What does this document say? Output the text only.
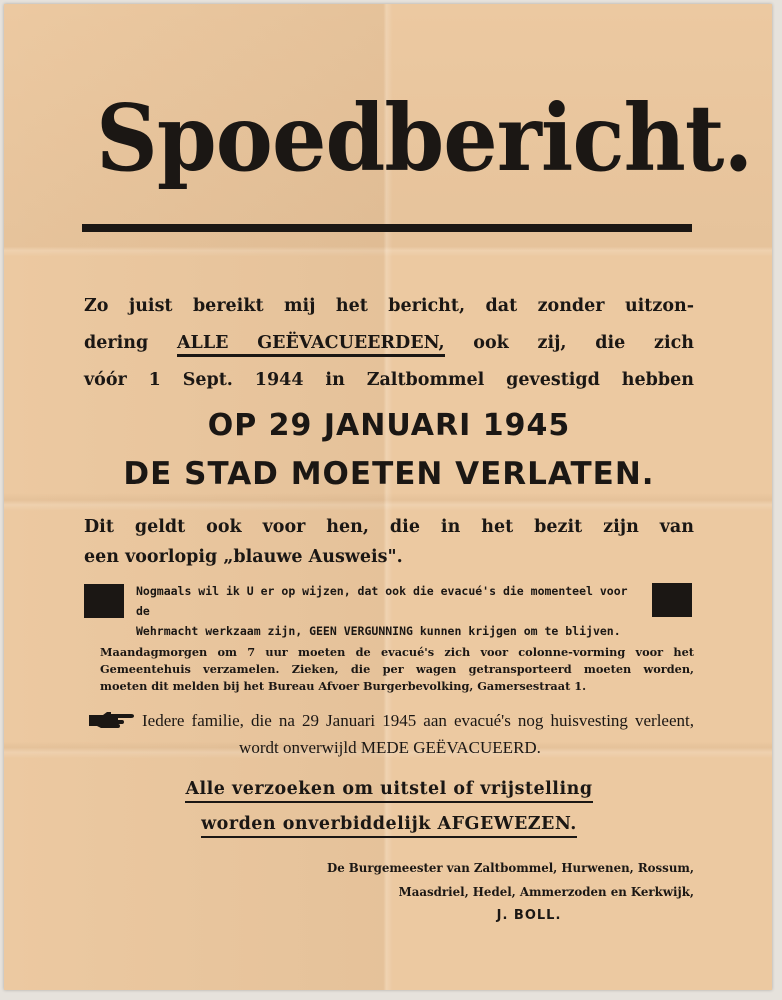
Spoedbericht.
Zo juist bereikt mij het bericht, dat zonder uitzon-
dering ALLE GEËVACUEERDEN, ook zij, die zich
vóór 1 Sept. 1944 in Zaltbommel gevestigd hebben
OP 29 JANUARI 1945
DE STAD MOETEN VERLATEN.
Dit geldt ook voor hen, die in het bezit zijn van
een voorlopig „blauwe Ausweis".
Nogmaals wil ik U er op wijzen, dat ook die evacué's die momenteel voor de
Wehrmacht werkzaam zijn, GEEN VERGUNNING kunnen krijgen om te blijven.
Maandagmorgen om 7 uur moeten de evacué's zich voor colonne-vorming voor het
Gemeentehuis verzamelen. Zieken, die per wagen getransporteerd moeten worden,
moeten dit melden bij het Bureau Afvoer Burgerbevolking, Gamersestraat 1.
Iedere familie, die na 29 Januari 1945 aan evacué's nog huisvesting verleent,
wordt onverwijld MEDE GEËVACUEERD.
Alle verzoeken om uitstel of vrijstelling
worden onverbiddelijk AFGEWEZEN.
De Burgemeester van Zaltbommel, Hurwenen, Rossum,
Maasdriel, Hedel, Ammerzoden en Kerkwijk,
J. BOLL.
